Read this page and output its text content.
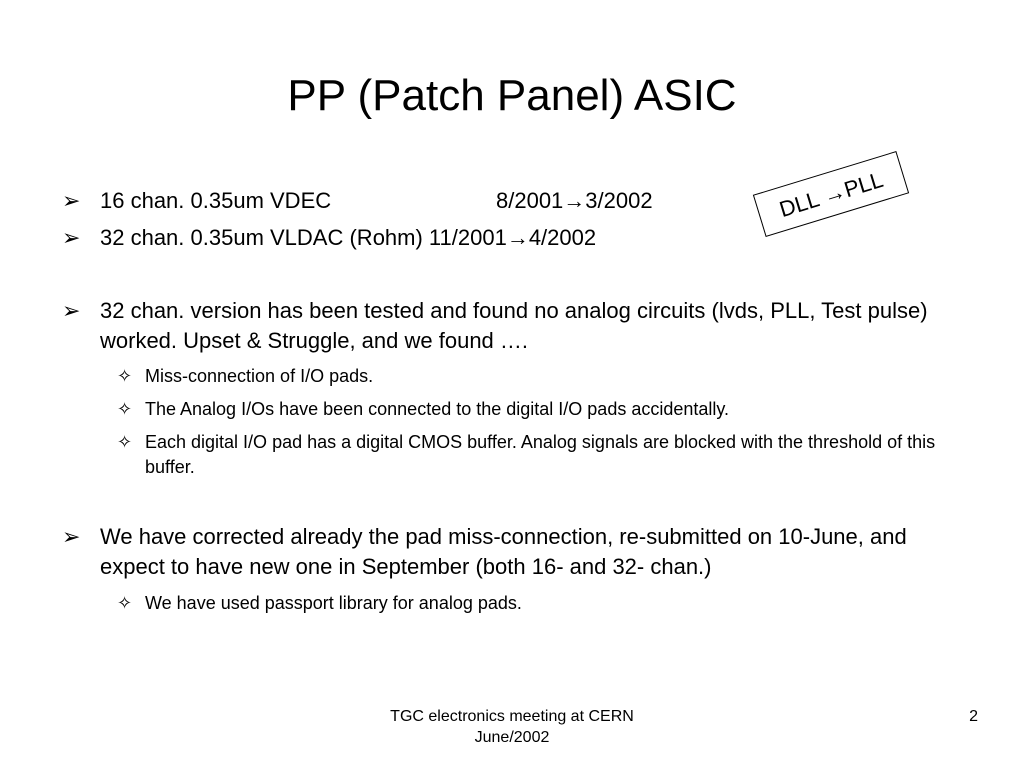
PP (Patch Panel) ASIC
DLL →PLL
➢ 16 chan. 0.35um VDEC	8/2001→3/2002
➢ 32 chan. 0.35um VLDAC (Rohm) 11/2001→4/2002
➢ 32 chan. version has been tested and found no analog circuits (lvds, PLL, Test pulse) worked. Upset & Struggle, and we found ….
✧ Miss-connection of I/O pads.
✧ The Analog I/Os have been connected to the digital I/O pads accidentally.
✧ Each digital I/O pad has a digital CMOS buffer. Analog signals are blocked with the threshold of this buffer.
➢ We have corrected already the pad miss-connection, re-submitted on 10-June, and expect to have new one in September (both 16- and 32- chan.)
✧ We have used passport library for analog pads.
TGC electronics meeting at CERN
June/2002
2
